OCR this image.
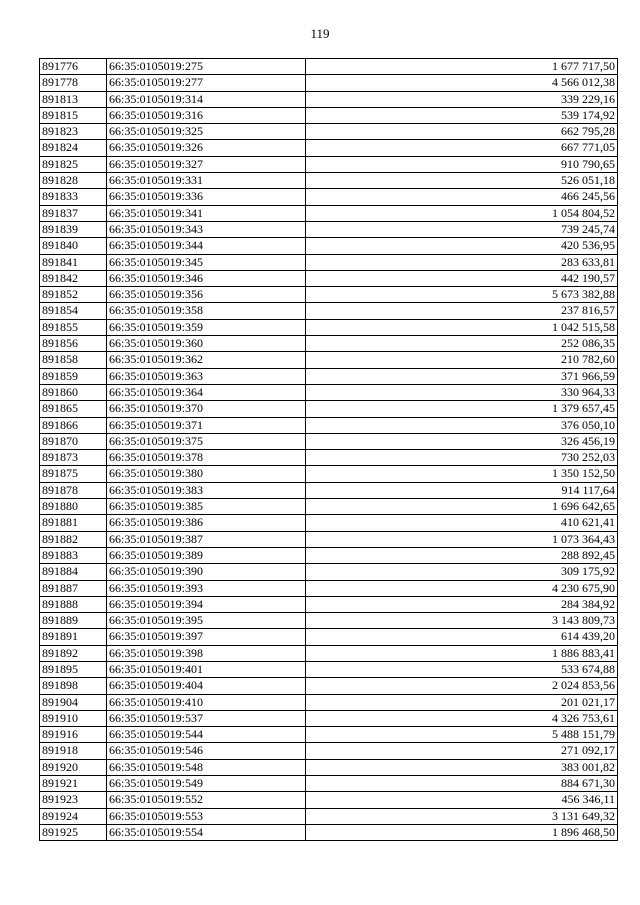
119
891776	66:35:0105019:275	1 677 717,50
891778	66:35:0105019:277	4 566 012,38
891813	66:35:0105019:314	339 229,16
891815	66:35:0105019:316	539 174,92
891823	66:35:0105019:325	662 795,28
891824	66:35:0105019:326	667 771,05
891825	66:35:0105019:327	910 790,65
891828	66:35:0105019:331	526 051,18
891833	66:35:0105019:336	466 245,56
891837	66:35:0105019:341	1 054 804,52
891839	66:35:0105019:343	739 245,74
891840	66:35:0105019:344	420 536,95
891841	66:35:0105019:345	283 633,81
891842	66:35:0105019:346	442 190,57
891852	66:35:0105019:356	5 673 382,88
891854	66:35:0105019:358	237 816,57
891855	66:35:0105019:359	1 042 515,58
891856	66:35:0105019:360	252 086,35
891858	66:35:0105019:362	210 782,60
891859	66:35:0105019:363	371 966,59
891860	66:35:0105019:364	330 964,33
891865	66:35:0105019:370	1 379 657,45
891866	66:35:0105019:371	376 050,10
891870	66:35:0105019:375	326 456,19
891873	66:35:0105019:378	730 252,03
891875	66:35:0105019:380	1 350 152,50
891878	66:35:0105019:383	914 117,64
891880	66:35:0105019:385	1 696 642,65
891881	66:35:0105019:386	410 621,41
891882	66:35:0105019:387	1 073 364,43
891883	66:35:0105019:389	288 892,45
891884	66:35:0105019:390	309 175,92
891887	66:35:0105019:393	4 230 675,90
891888	66:35:0105019:394	284 384,92
891889	66:35:0105019:395	3 143 809,73
891891	66:35:0105019:397	614 439,20
891892	66:35:0105019:398	1 886 883,41
891895	66:35:0105019:401	533 674,88
891898	66:35:0105019:404	2 024 853,56
891904	66:35:0105019:410	201 021,17
891910	66:35:0105019:537	4 326 753,61
891916	66:35:0105019:544	5 488 151,79
891918	66:35:0105019:546	271 092,17
891920	66:35:0105019:548	383 001,82
891921	66:35:0105019:549	884 671,30
891923	66:35:0105019:552	456 346,11
891924	66:35:0105019:553	3 131 649,32
891925	66:35:0105019:554	1 896 468,50
